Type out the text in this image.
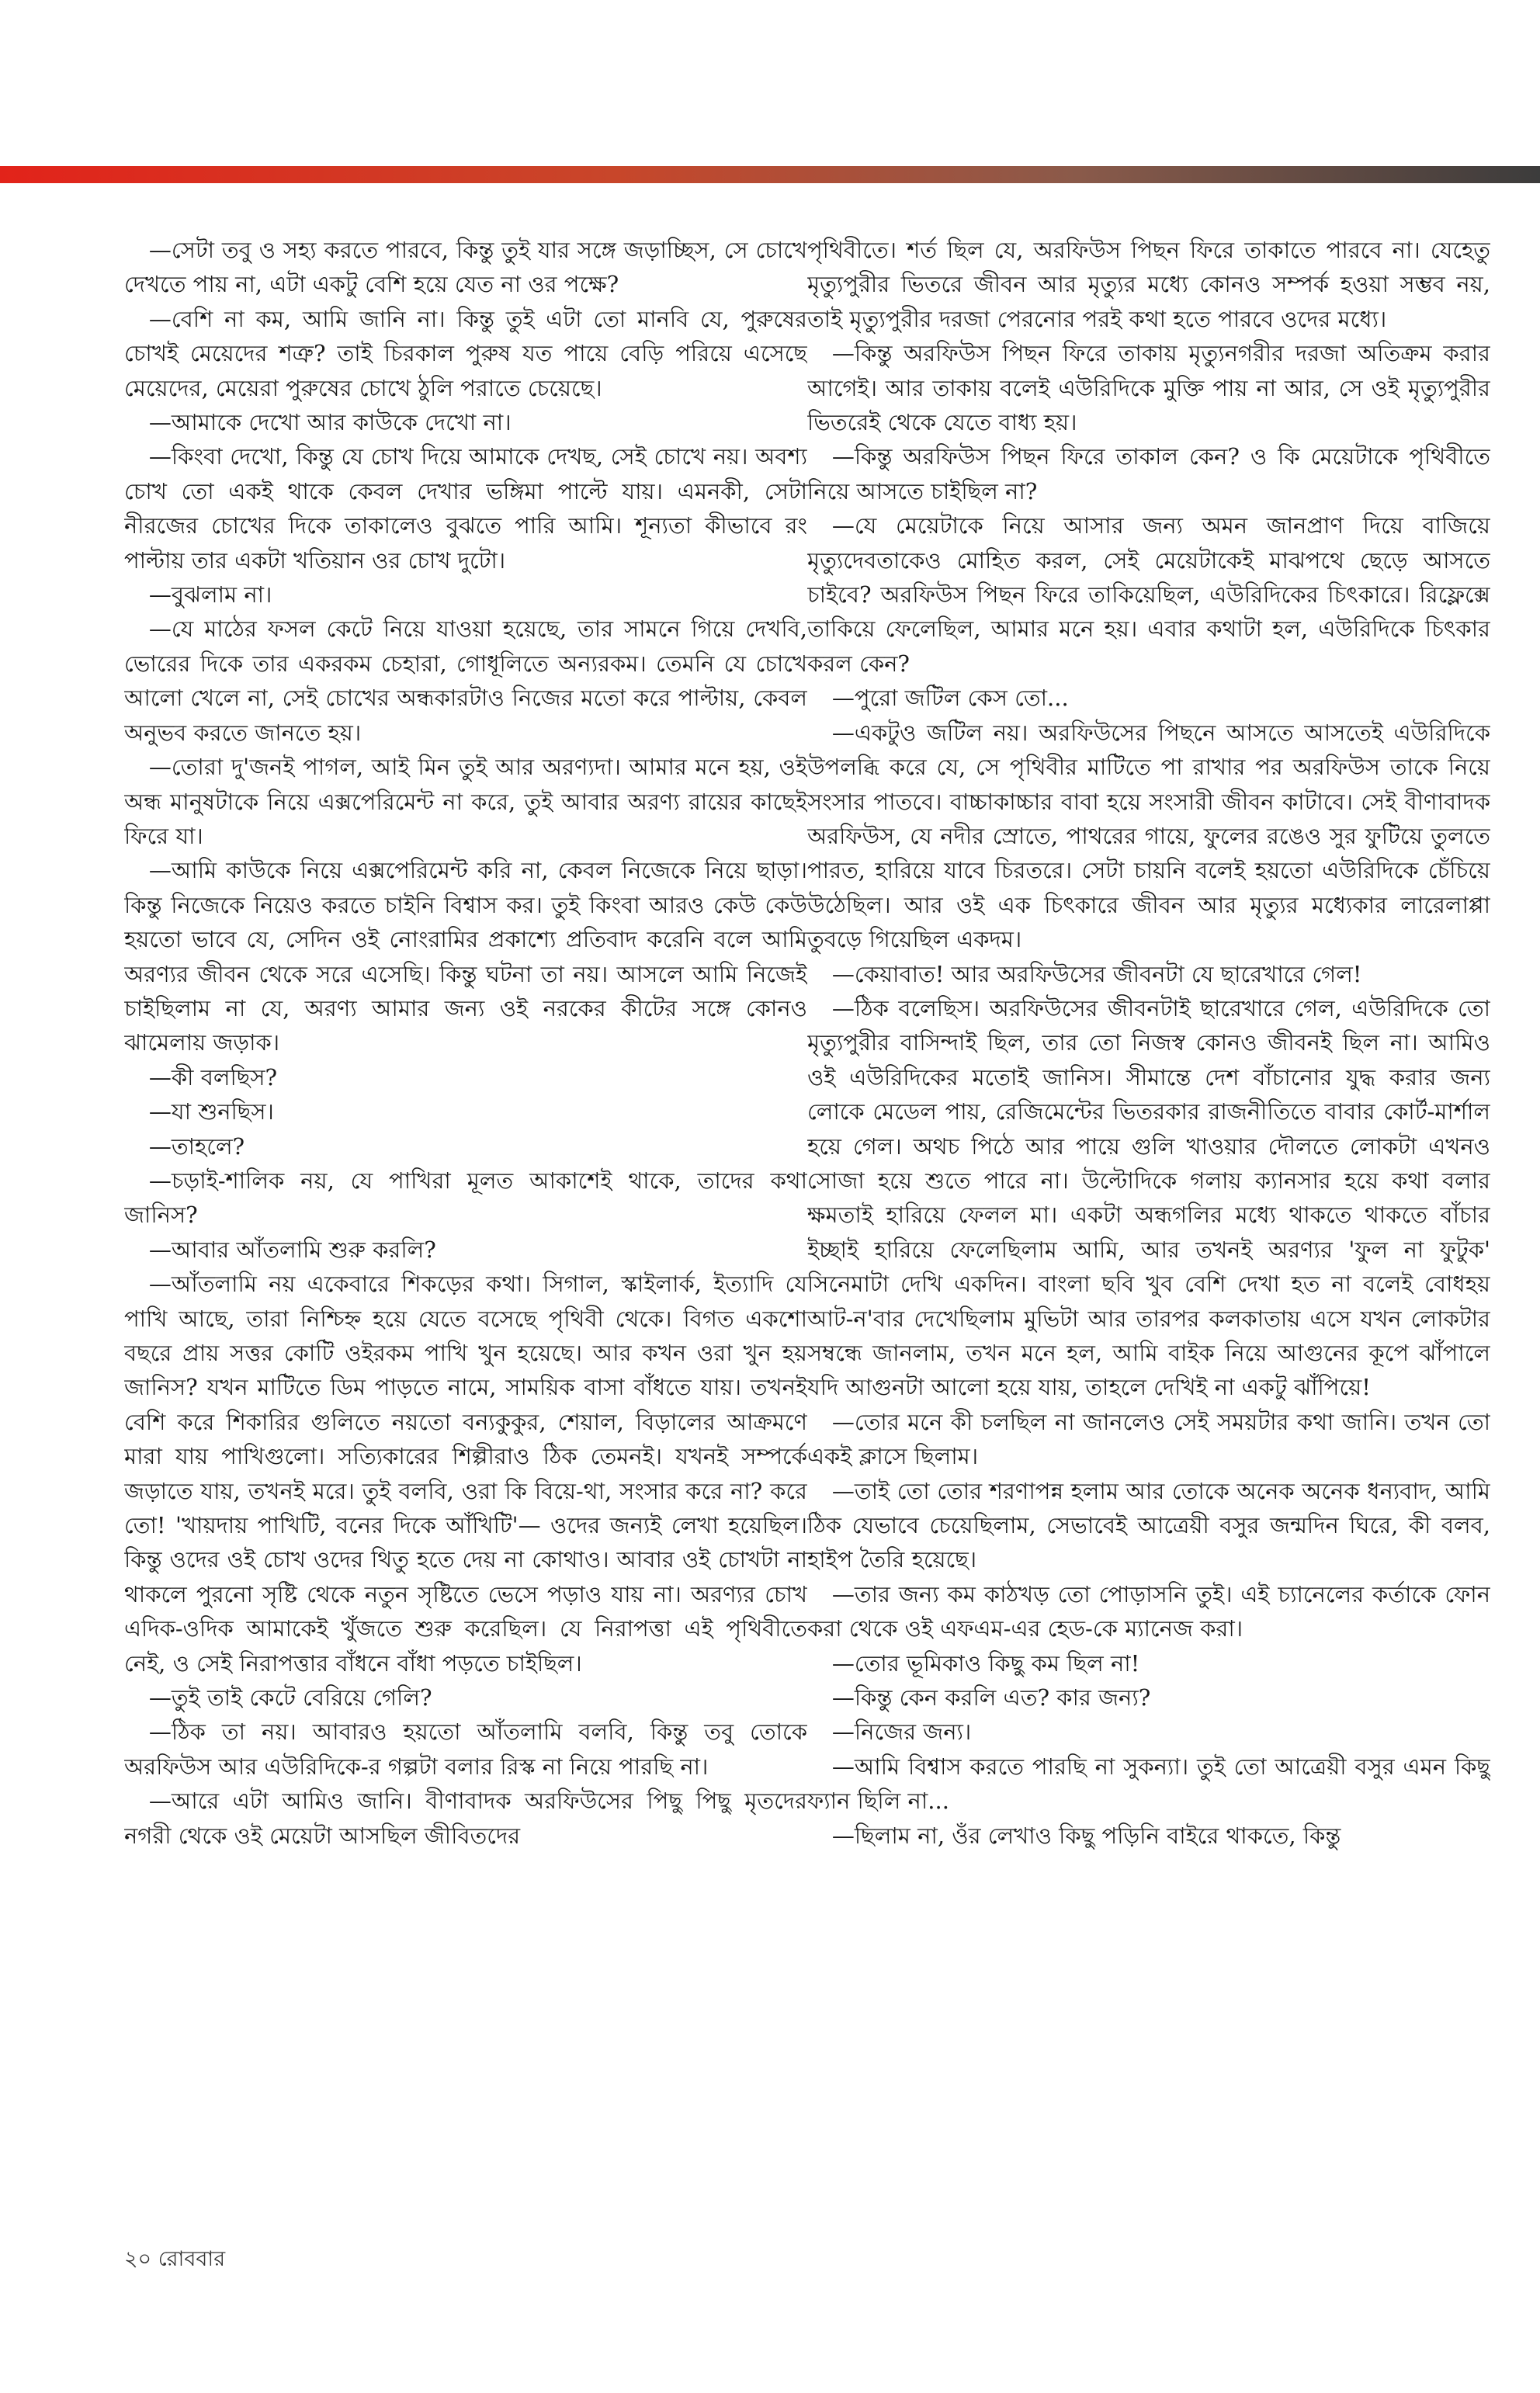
—সেটা তবু ও সহ্য করতে পারবে, কিন্তু তুই যার সঙ্গে জড়াচ্ছিস, সে চোখে দেখতে পায় না, এটা একটু বেশি হয়ে যেত না ওর পক্ষে?

—বেশি না কম, আমি জানি না। কিন্তু তুই এটা তো মানবি যে, পুরুষের চোখই মেয়েদের শত্রু? তাই চিরকাল পুরুষ যত পায়ে বেড়ি পরিয়ে এসেছে মেয়েদের, মেয়েরা পুরুষের চোখে ঠুলি পরাতে চেয়েছে।

—আমাকে দেখো আর কাউকে দেখো না।

—কিংবা দেখো, কিন্তু যে চোখ দিয়ে আমাকে দেখছ, সেই চোখে নয়। অবশ্য চোখ তো একই থাকে কেবল দেখার ভঙ্গিমা পাল্টে যায়। এমনকী, সেটা নীরজের চোখের দিকে তাকালেও বুঝতে পারি আমি। শূন্যতা কীভাবে রং পাল্টায় তার একটা খতিয়ান ওর চোখ দুটো।

—বুঝলাম না।

—যে মাঠের ফসল কেটে নিয়ে যাওয়া হয়েছে, তার সামনে গিয়ে দেখবি, ভোরের দিকে তার একরকম চেহারা, গোধূলিতে অন্যরকম। তেমনি যে চোখে আলো খেলে না, সেই চোখের অন্ধকারটাও নিজের মতো করে পাল্টায়, কেবল অনুভব করতে জানতে হয়।

—তোরা দু'জনই পাগল, আই মিন তুই আর অরণ্যদা। আমার মনে হয়, ওই অন্ধ মানুষটাকে নিয়ে এক্সপেরিমেন্ট না করে, তুই আবার অরণ্য রায়ের কাছেই ফিরে যা।

—আমি কাউকে নিয়ে এক্সপেরিমেন্ট করি না, কেবল নিজেকে নিয়ে ছাড়া। কিন্তু নিজেকে নিয়েও করতে চাইনি বিশ্বাস কর। তুই কিংবা আরও কেউ কেউ হয়তো ভাবে যে, সেদিন ওই নোংরামির প্রকাশ্যে প্রতিবাদ করেনি বলে আমি অরণ্যর জীবন থেকে সরে এসেছি। কিন্তু ঘটনা তা নয়। আসলে আমি নিজেই চাইছিলাম না যে, অরণ্য আমার জন্য ওই নরকের কীটের সঙ্গে কোনও ঝামেলায় জড়াক।

—কী বলছিস?

—যা শুনছিস।

—তাহলে?

—চড়াই-শালিক নয়, যে পাখিরা মূলত আকাশেই থাকে, তাদের কথা জানিস?

—আবার আঁতলামি শুরু করলি?

—আঁতলামি নয় একেবারে শিকড়ের কথা। সিগাল, স্কাইলার্ক, ইত্যাদি যে পাখি আছে, তারা নিশ্চিহ্ন হয়ে যেতে বসেছে পৃথিবী থেকে। বিগত একশো বছরে প্রায় সত্তর কোটি ওইরকম পাখি খুন হয়েছে। আর কখন ওরা খুন হয় জানিস? যখন মাটিতে ডিম পাড়তে নামে, সাময়িক বাসা বাঁধতে যায়। তখনই বেশি করে শিকারির গুলিতে নয়তো বন্যকুকুর, শেয়াল, বিড়ালের আক্রমণে মারা যায় পাখিগুলো। সত্যিকারের শিল্পীরাও ঠিক তেমনই। যখনই সম্পর্কে জড়াতে যায়, তখনই মরে। তুই বলবি, ওরা কি বিয়ে-থা, সংসার করে না? করে তো! 'খায়দায় পাখিটি, বনের দিকে আঁখিটি'— ওদের জন্যই লেখা হয়েছিল। কিন্তু ওদের ওই চোখ ওদের থিতু হতে দেয় না কোথাও। আবার ওই চোখটা না থাকলে পুরনো সৃষ্টি থেকে নতুন সৃষ্টিতে ভেসে পড়াও যায় না। অরণ্যর চোখ এদিক-ওদিক আমাকেই খুঁজতে শুরু করেছিল। যে নিরাপত্তা এই পৃথিবীতে নেই, ও সেই নিরাপত্তার বাঁধনে বাঁধা পড়তে চাইছিল।

—তুই তাই কেটে বেরিয়ে গেলি?

—ঠিক তা নয়। আবারও হয়তো আঁতলামি বলবি, কিন্তু তবু তোকে অরফিউস আর এউরিদিকে-র গল্পটা বলার রিস্ক না নিয়ে পারছি না।

—আরে এটা আমিও জানি। বীণাবাদক অরফিউসের পিছু পিছু মৃতদের নগরী থেকে ওই মেয়েটা আসছিল জীবিতদের

পৃথিবীতে। শর্ত ছিল যে, অরফিউস পিছন ফিরে তাকাতে পারবে না। যেহেতু মৃত্যুপুরীর ভিতরে জীবন আর মৃত্যুর মধ্যে কোনও সম্পর্ক হওয়া সম্ভব নয়, তাই মৃত্যুপুরীর দরজা পেরনোর পরই কথা হতে পারবে ওদের মধ্যে।

—কিন্তু অরফিউস পিছন ফিরে তাকায় মৃত্যুনগরীর দরজা অতিক্রম করার আগেই। আর তাকায় বলেই এউরিদিকে মুক্তি পায় না আর, সে ওই মৃত্যুপুরীর ভিতরেই থেকে যেতে বাধ্য হয়।

—কিন্তু অরফিউস পিছন ফিরে তাকাল কেন? ও কি মেয়েটাকে পৃথিবীতে নিয়ে আসতে চাইছিল না?

—যে মেয়েটাকে নিয়ে আসার জন্য অমন জানপ্রাণ দিয়ে বাজিয়ে মৃত্যুদেবতাকেও মোহিত করল, সেই মেয়েটাকেই মাঝপথে ছেড়ে আসতে চাইবে? অরফিউস পিছন ফিরে তাকিয়েছিল, এউরিদিকের চিৎকারে। রিফ্লেক্সে তাকিয়ে ফেলেছিল, আমার মনে হয়। এবার কথাটা হল, এউরিদিকে চিৎকার করল কেন?

—পুরো জটিল কেস তো...

—একটুও জটিল নয়। অরফিউসের পিছনে আসতে আসতেই এউরিদিকে উপলব্ধি করে যে, সে পৃথিবীর মাটিতে পা রাখার পর অরফিউস তাকে নিয়ে সংসার পাতবে। বাচ্চাকাচ্চার বাবা হয়ে সংসারী জীবন কাটাবে। সেই বীণাবাদক অরফিউস, যে নদীর স্রোতে, পাথরের গায়ে, ফুলের রঙেও সুর ফুটিয়ে তুলতে পারত, হারিয়ে যাবে চিরতরে। সেটা চায়নি বলেই হয়তো এউরিদিকে চেঁচিয়ে উঠেছিল। আর ওই এক চিৎকারে জীবন আর মৃত্যুর মধ্যেকার লারেলাপ্পা তুবড়ে গিয়েছিল একদম।

—কেয়াবাত! আর অরফিউসের জীবনটা যে ছারেখারে গেল!

—ঠিক বলেছিস। অরফিউসের জীবনটাই ছারেখারে গেল, এউরিদিকে তো মৃত্যুপুরীর বাসিন্দাই ছিল, তার তো নিজস্ব কোনও জীবনই ছিল না। আমিও ওই এউরিদিকের মতোই জানিস। সীমান্তে দেশ বাঁচানোর যুদ্ধ করার জন্য লোকে মেডেল পায়, রেজিমেন্টের ভিতরকার রাজনীতিতে বাবার কোর্ট-মার্শাল হয়ে গেল। অথচ পিঠে আর পায়ে গুলি খাওয়ার দৌলতে লোকটা এখনও সোজা হয়ে শুতে পারে না। উল্টোদিকে গলায় ক্যানসার হয়ে কথা বলার ক্ষমতাই হারিয়ে ফেলল মা। একটা অন্ধগলির মধ্যে থাকতে থাকতে বাঁচার ইচ্ছাই হারিয়ে ফেলেছিলাম আমি, আর তখনই অরণ্যর 'ফুল না ফুটুক' সিনেমাটা দেখি একদিন। বাংলা ছবি খুব বেশি দেখা হত না বলেই বোধহয় আট-ন'বার দেখেছিলাম মুভিটা আর তারপর কলকাতায় এসে যখন লোকটার সম্বন্ধে জানলাম, তখন মনে হল, আমি বাইক নিয়ে আগুনের কূপে ঝাঁপালে যদি আগুনটা আলো হয়ে যায়, তাহলে দেখিই না একটু ঝাঁপিয়ে!

—তোর মনে কী চলছিল না জানলেও সেই সময়টার কথা জানি। তখন তো একই ক্লাসে ছিলাম।

—তাই তো তোর শরণাপন্ন হলাম আর তোকে অনেক অনেক ধন্যবাদ, আমি ঠিক যেভাবে চেয়েছিলাম, সেভাবেই আত্রেয়ী বসুর জন্মদিন ঘিরে, কী বলব, হাইপ তৈরি হয়েছে।

—তার জন্য কম কাঠখড় তো পোড়াসনি তুই। এই চ্যানেলের কর্তাকে ফোন করা থেকে ওই এফএম-এর হেড-কে ম্যানেজ করা।

—তোর ভূমিকাও কিছু কম ছিল না!

—কিন্তু কেন করলি এত? কার জন্য?

—নিজের জন্য।

—আমি বিশ্বাস করতে পারছি না সুকন্যা। তুই তো আত্রেয়ী বসুর এমন কিছু ফ্যান ছিলি না...

—ছিলাম না, ওঁর লেখাও কিছু পড়িনি বাইরে থাকতে, কিন্তু

২০ রোববার
